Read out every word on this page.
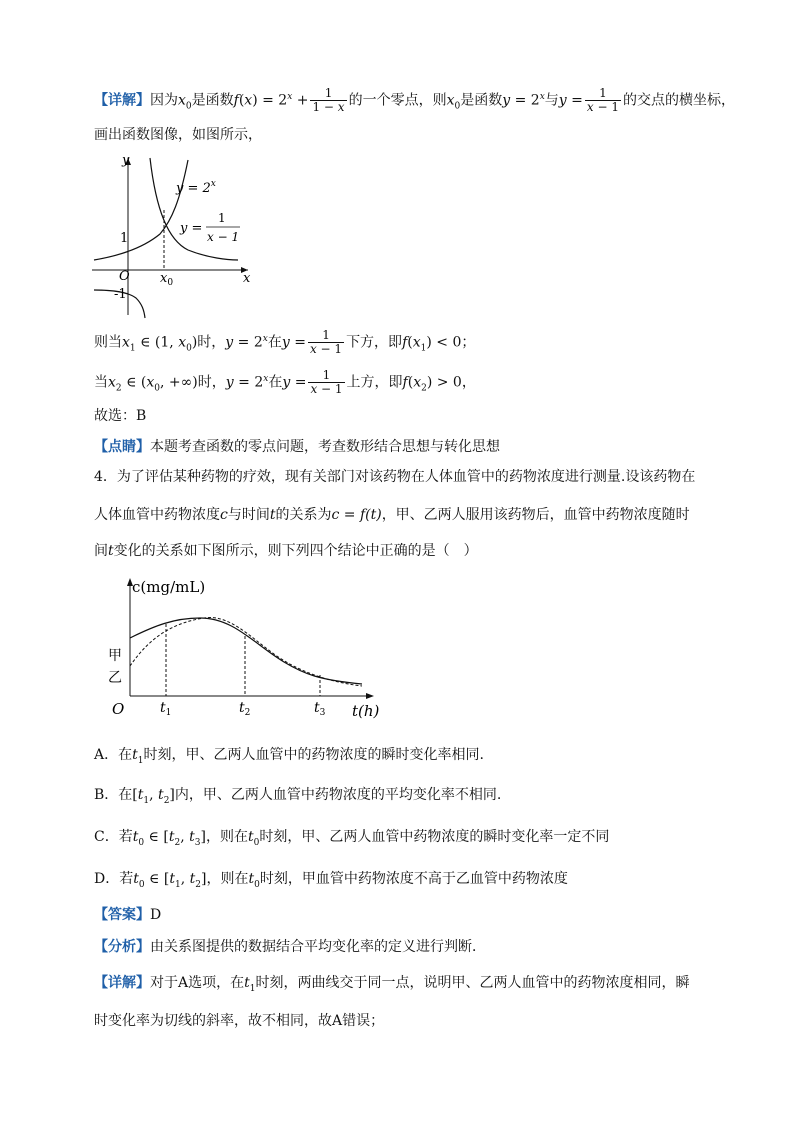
【详解】因为$x_0$是函数$f(x) = 2^x + \frac{1}{1 - x}$ 的一个零点，则$x_0$是函数$y = 2^x$与$y = \frac{1}{x - 1}$ 的交点的横坐标，
画出函数图像，如图所示，
y
x
O
1
-1
$x_0$
$y = 2^x$
y =
1
x − 1
则当$x_1$ ∈ (1, $x_0$)时，$y = 2^x$在$y = \frac{1}{x - 1}$ 下方，即$f(x_1) < 0$；
当$x_2$ ∈ ($x_0$, +∞)时，$y = 2^x$在$y = \frac{1}{x - 1}$ 上方，即$f(x_2) > 0$，
故选：B
【点睛】本题考查函数的零点问题，考查数形结合思想与转化思想
4．为了评估某种药物的疗效，现有关部门对该药物在人体血管中的药物浓度进行测量.设该药物在
人体血管中药物浓度c与时间t的关系为c = f(t)，甲、乙两人服用该药物后，血管中药物浓度随时
间t变化的关系如下图所示，则下列四个结论中正确的是（　）
c(mg/mL)
t(h)
O
甲
乙
$t_1$	$t_2$	$t_3$
A．在$t_1$时刻，甲、乙两人血管中的药物浓度的瞬时变化率相同.
B．在[$t_1$, $t_2$]内，甲、乙两人血管中药物浓度的平均变化率不相同.
C．若$t_0$ ∈ [$t_2$, $t_3$]，则在$t_0$时刻，甲、乙两人血管中药物浓度的瞬时变化率一定不同
D．若$t_0$ ∈ [$t_1$, $t_2$]，则在$t_0$时刻，甲血管中药物浓度不高于乙血管中药物浓度
【答案】D
【分析】由关系图提供的数据结合平均变化率的定义进行判断．
【详解】对于A选项，在$t_1$时刻，两曲线交于同一点，说明甲、乙两人血管中的药物浓度相同，瞬
时变化率为切线的斜率，故不相同，故A错误；
